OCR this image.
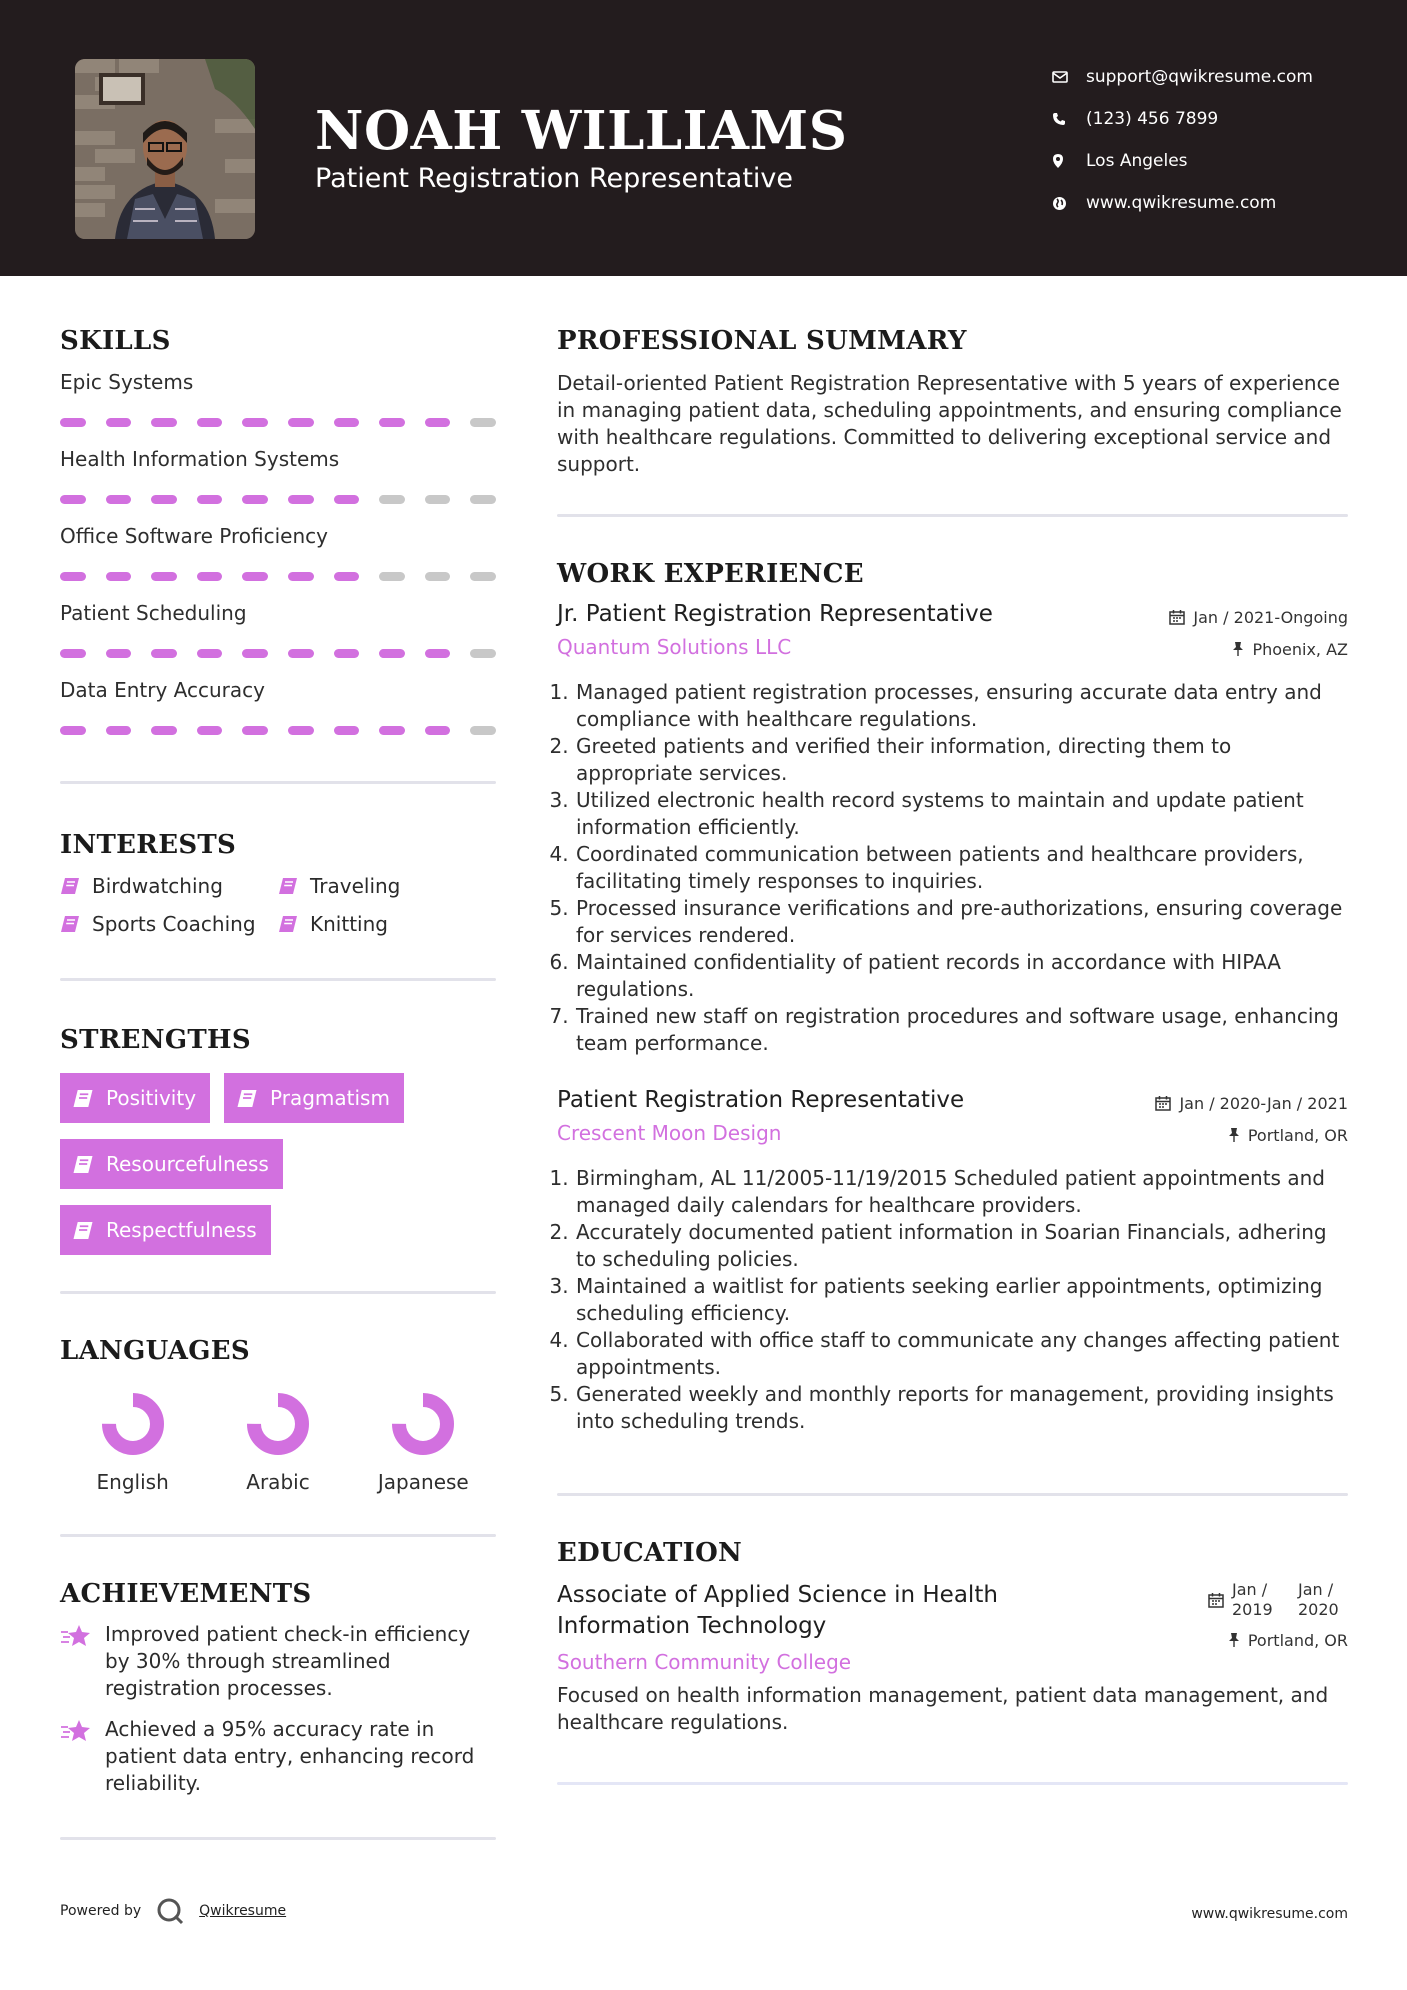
NOAH WILLIAMS
Patient Registration Representative
support@qwikresume.com
(123) 456 7899
Los Angeles
www.qwikresume.com
SKILLS
Epic Systems
Health Information Systems
Office Software Proficiency
Patient Scheduling
Data Entry Accuracy
INTERESTS
Birdwatching	Traveling
Sports Coaching	Knitting
STRENGTHS
Positivity	Pragmatism
Resourcefulness
Respectfulness
LANGUAGES
English	Arabic	Japanese
ACHIEVEMENTS
Improved patient check-in efficiency by 30% through streamlined registration processes.
Achieved a 95% accuracy rate in patient data entry, enhancing record reliability.
PROFESSIONAL SUMMARY
Detail-oriented Patient Registration Representative with 5 years of experience in managing patient data, scheduling appointments, and ensuring compliance with healthcare regulations. Committed to delivering exceptional service and support.
WORK EXPERIENCE
Jr. Patient Registration Representative
Quantum Solutions LLC
Jan / 2021-Ongoing
Phoenix, AZ
1. Managed patient registration processes, ensuring accurate data entry and compliance with healthcare regulations.
2. Greeted patients and verified their information, directing them to appropriate services.
3. Utilized electronic health record systems to maintain and update patient information efficiently.
4. Coordinated communication between patients and healthcare providers, facilitating timely responses to inquiries.
5. Processed insurance verifications and pre-authorizations, ensuring coverage for services rendered.
6. Maintained confidentiality of patient records in accordance with HIPAA regulations.
7. Trained new staff on registration procedures and software usage, enhancing team performance.
Patient Registration Representative
Crescent Moon Design
Jan / 2020-Jan / 2021
Portland, OR
1. Birmingham, AL 11/2005-11/19/2015 Scheduled patient appointments and managed daily calendars for healthcare providers.
2. Accurately documented patient information in Soarian Financials, adhering to scheduling policies.
3. Maintained a waitlist for patients seeking earlier appointments, optimizing scheduling efficiency.
4. Collaborated with office staff to communicate any changes affecting patient appointments.
5. Generated weekly and monthly reports for management, providing insights into scheduling trends.
EDUCATION
Associate of Applied Science in Health Information Technology
Southern Community College
Jan / 2019
Jan / 2020
Portland, OR
Focused on health information management, patient data management, and healthcare regulations.
Powered by	Qwikresume	www.qwikresume.com
